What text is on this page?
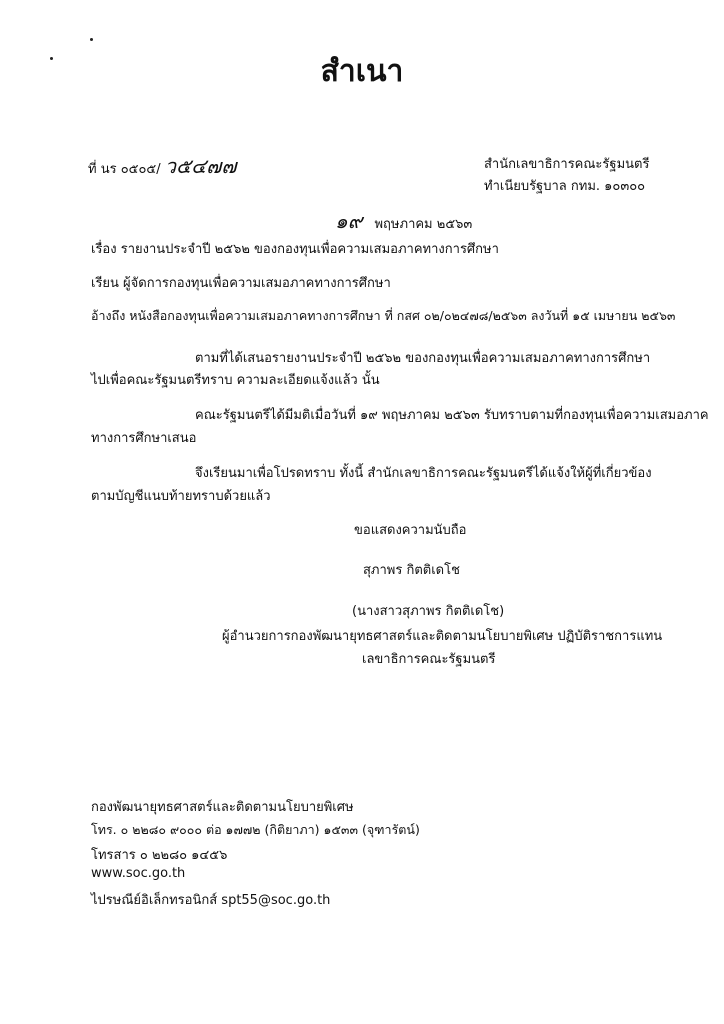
สำเนา
ที่ นร ๐๕๐๕/ ว๕๔๗๗	สำนักเลขาธิการคณะรัฐมนตรี
ทำเนียบรัฐบาล กทม. ๑๐๓๐๐
๑๙ พฤษภาคม ๒๕๖๓
เรื่อง รายงานประจำปี ๒๕๖๒ ของกองทุนเพื่อความเสมอภาคทางการศึกษา
เรียน ผู้จัดการกองทุนเพื่อความเสมอภาคทางการศึกษา
อ้างถึง หนังสือกองทุนเพื่อความเสมอภาคทางการศึกษา ที่ กสศ ๐๒/๐๒๔๗๘/๒๕๖๓ ลงวันที่ ๑๕ เมษายน ๒๕๖๓
ตามที่ได้เสนอรายงานประจำปี ๒๕๖๒ ของกองทุนเพื่อความเสมอภาคทางการศึกษา
ไปเพื่อคณะรัฐมนตรีทราบ ความละเอียดแจ้งแล้ว นั้น
คณะรัฐมนตรีได้มีมติเมื่อวันที่ ๑๙ พฤษภาคม ๒๕๖๓ รับทราบตามที่กองทุนเพื่อความเสมอภาค
ทางการศึกษาเสนอ
จึงเรียนมาเพื่อโปรดทราบ ทั้งนี้ สำนักเลขาธิการคณะรัฐมนตรีได้แจ้งให้ผู้ที่เกี่ยวข้อง
ตามบัญชีแนบท้ายทราบด้วยแล้ว
ขอแสดงความนับถือ
สุภาพร กิตติเดโช
(นางสาวสุภาพร กิตติเดโช)
ผู้อำนวยการกองพัฒนายุทธศาสตร์และติดตามนโยบายพิเศษ ปฏิบัติราชการแทน
เลขาธิการคณะรัฐมนตรี
กองพัฒนายุทธศาสตร์และติดตามนโยบายพิเศษ
โทร. ๐ ๒๒๘๐ ๙๐๐๐ ต่อ ๑๗๗๒ (กิติยาภา) ๑๕๓๓ (จุฑารัตน์)
โทรสาร ๐ ๒๒๘๐ ๑๔๕๖
www.soc.go.th
ไปรษณีย์อิเล็กทรอนิกส์ spt55@soc.go.th
